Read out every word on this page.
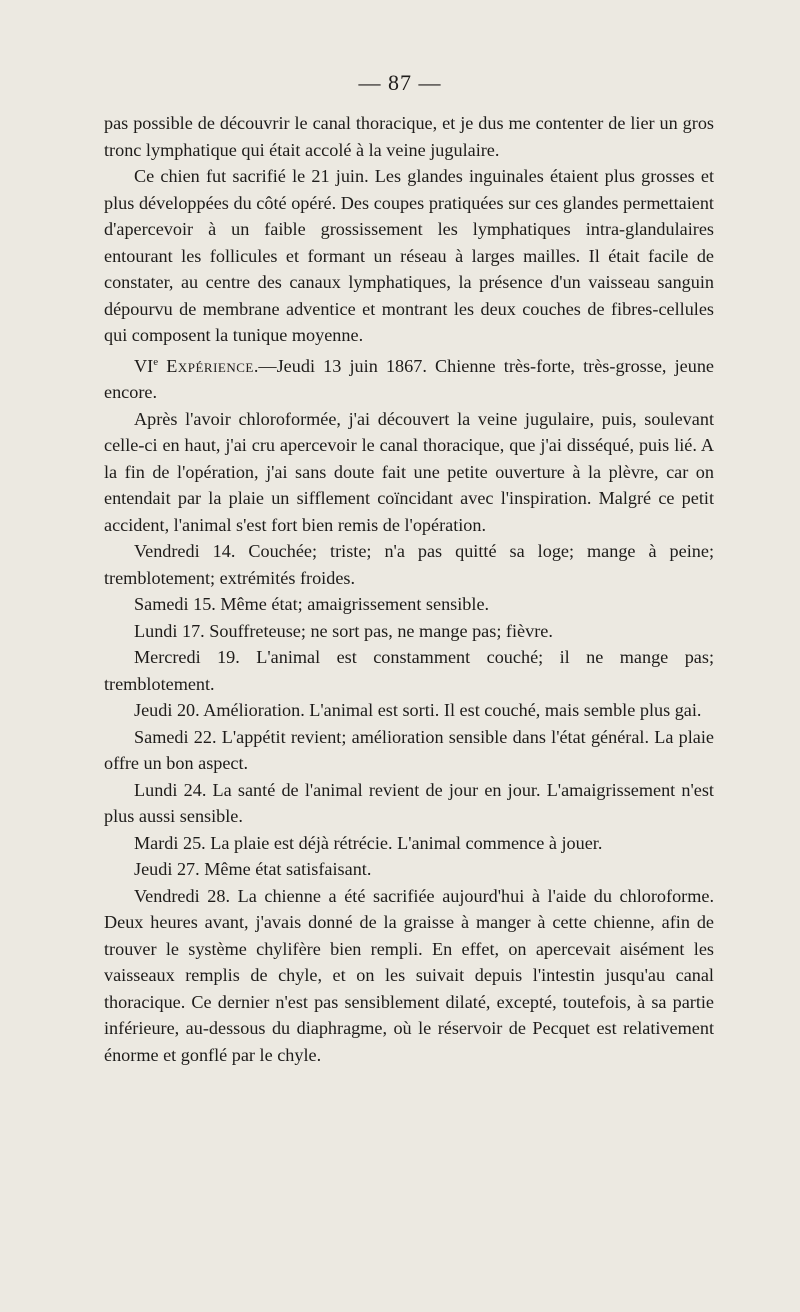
— 87 —

pas possible de découvrir le canal thoracique, et je dus me contenter de lier un gros tronc lymphatique qui était accolé à la veine jugulaire.

Ce chien fut sacrifié le 21 juin. Les glandes inguinales étaient plus grosses et plus développées du côté opéré. Des coupes pratiquées sur ces glandes permettaient d'apercevoir à un faible grossissement les lymphatiques intra-glandulaires entourant les follicules et formant un réseau à larges mailles. Il était facile de constater, au centre des canaux lymphatiques, la présence d'un vaisseau sanguin dépourvu de membrane adventice et montrant les deux couches de fibres-cellules qui composent la tunique moyenne.

VIe Expérience.—Jeudi 13 juin 1867. Chienne très-forte, très-grosse, jeune encore.

Après l'avoir chloroformée, j'ai découvert la veine jugulaire, puis, soulevant celle-ci en haut, j'ai cru apercevoir le canal thoracique, que j'ai disséqué, puis lié. A la fin de l'opération, j'ai sans doute fait une petite ouverture à la plèvre, car on entendait par la plaie un sifflement coïncidant avec l'inspiration. Malgré ce petit accident, l'animal s'est fort bien remis de l'opération.

Vendredi 14. Couchée; triste; n'a pas quitté sa loge; mange à peine; tremblotement; extrémités froides.

Samedi 15. Même état; amaigrissement sensible.

Lundi 17. Souffreteuse; ne sort pas, ne mange pas; fièvre.

Mercredi 19. L'animal est constamment couché; il ne mange pas; tremblotement.

Jeudi 20. Amélioration. L'animal est sorti. Il est couché, mais semble plus gai.

Samedi 22. L'appétit revient; amélioration sensible dans l'état général. La plaie offre un bon aspect.

Lundi 24. La santé de l'animal revient de jour en jour. L'amaigrissement n'est plus aussi sensible.

Mardi 25. La plaie est déjà rétrécie. L'animal commence à jouer.

Jeudi 27. Même état satisfaisant.

Vendredi 28. La chienne a été sacrifiée aujourd'hui à l'aide du chloroforme. Deux heures avant, j'avais donné de la graisse à manger à cette chienne, afin de trouver le système chylifère bien rempli. En effet, on apercevait aisément les vaisseaux remplis de chyle, et on les suivait depuis l'intestin jusqu'au canal thoracique. Ce dernier n'est pas sensiblement dilaté, excepté, toutefois, à sa partie inférieure, au-dessous du diaphragme, où le réservoir de Pecquet est relativement énorme et gonflé par le chyle.
